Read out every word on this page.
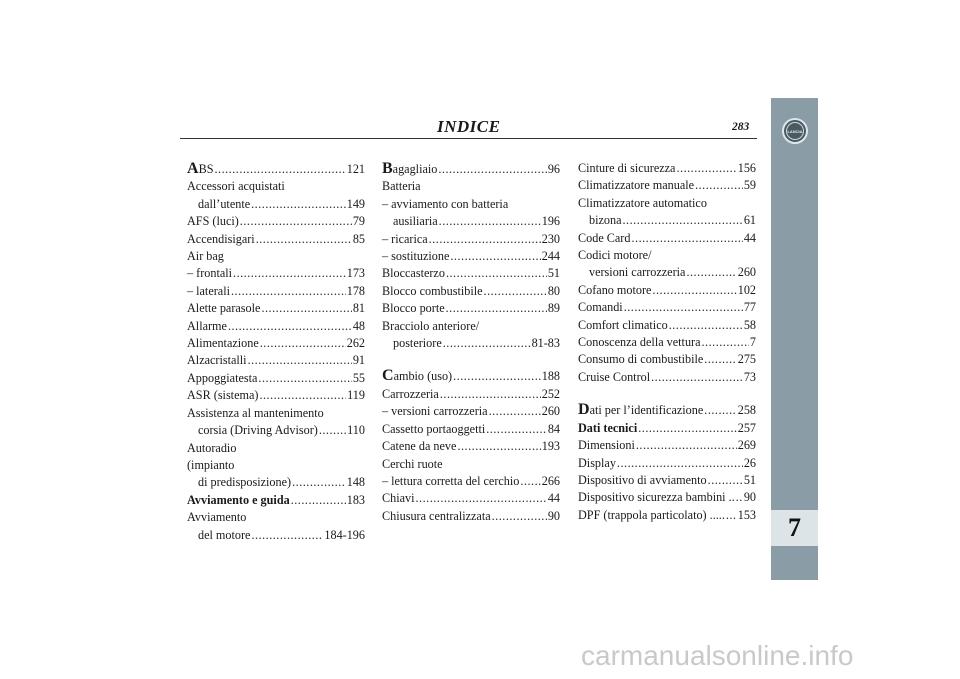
INDICE	283	LANCIA
7
ABS .....	121
Accessori acquistati
dall’utente .....	149
AFS (luci) .....	79
Accendisigari .....	85
Air bag
– frontali .....	173
– laterali .....	178
Alette parasole .....	81
Allarme .....	48
Alimentazione .....	262
Alzacristalli .....	91
Appoggiatesta .....	55
ASR (sistema) .....	119
Assistenza al mantenimento
corsia (Driving Advisor) ..... 110
Autoradio
(impianto
di predisposizione) .....	148
Avviamento e guida .....	183
Avviamento
del motore .....	184-196
Bagagliaio .....	96
Batteria
– avviamento con batteria
ausiliaria .....	196
– ricarica .....	230
– sostituzione .....	244
Bloccasterzo .....	51
Blocco combustibile .....	80
Blocco porte .....	89
Bracciolo anteriore/
posteriore .....	81-83
Cambio (uso) .....	188
Carrozzeria .....	252
– versioni carrozzeria .....	260
Cassetto portaoggetti .....	84
Catene da neve .....	193
Cerchi ruote
– lettura corretta del cerchio ..... 266
Chiavi .....	44
Chiusura centralizzata .....	90
Cinture di sicurezza .....	156
Climatizzatore manuale .....	59
Climatizzatore automatico
bizona .....	61
Code Card .....	44
Codici motore/
versioni carrozzeria .....	260
Cofano motore .....	102
Comandi .....	77
Comfort climatico .....	58
Conoscenza della vettura .....	7
Consumo di combustibile .....	275
Cruise Control .....	73
Dati per l’identificazione .....	258
Dati tecnici .....	257
Dimensioni .....	269
Display .....	26
Dispositivo di avviamento .....	51
Dispositivo sicurezza bambini .. ..... 90
DPF (trappola particolato) ..... ..... 153
carmanualsonline.info
